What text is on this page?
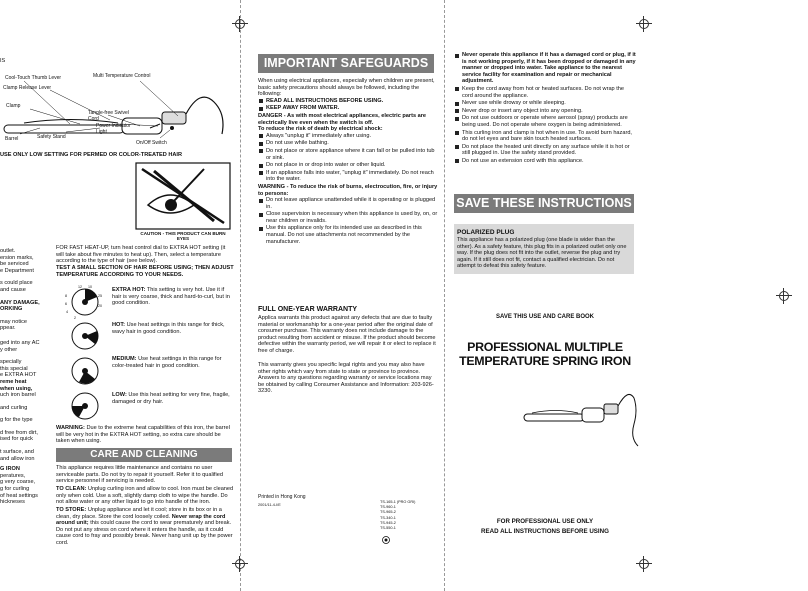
IS
Cool-Touch Thumb Lever	Multi Temperature Control
Clamp Release Lever
Clamp
Tangle-free Swivel Cord
Power Indicator Light
On/Off Switch
Barrel	Safety Stand
USE ONLY LOW SETTING FOR PERMED OR COLOR-TREATED HAIR
CAUTION - THIS PRODUCT CAN BURN EYES
outlet.
ersion marks,
be serviced
e Department
s could place
and cause
ANY DAMAGE,
ORKING
may notice
ppear.
ged into any AC
y other
specially
this special
e EXTRA HOT
reme heat
when using,
uch iron barrel
and curling
g for the type
d free from dirt,
ised for quick
t surface, and
and allow iron
G IRON
peratures,
g very coarse,
g for curling
of heat settings
hickneses
FOR FAST HEAT-UP, turn heat control dial to EXTRA HOT setting (it will take about five minutes to heat up). Then, select a temperature according to the type of hair (see below).
TEST A SMALL SECTION OF HAIR BEFORE USING; THEN ADJUST TEMPERATURE ACCORDING TO YOUR NEEDS.
12 10
8
6
4
2
25
20
EXTRA HOT: This setting is very hot. Use it if hair is very coarse, thick and hard-to-curl, but in good condition.
HOT: Use heat settings in this range for thick, wavy hair in good condition.
MEDIUM: Use heat settings in this range for color-treated hair in good condition.
LOW: Use this heat setting for very fine, fragile, damaged or dry hair.
WARNING: Due to the extreme heat capabilities of this iron, the barrel will be very hot in the EXTRA HOT setting, so extra care should be taken when using.
CARE AND CLEANING
This appliance requires little maintenance and contains no user serviceable parts. Do not try to repair it yourself. Refer it to qualified service personnel if servicing is needed.
TO CLEAN: Unplug curling iron and allow to cool. Iron must be cleaned only when cold. Use a soft, slightly damp cloth to wipe the handle. Do not allow water or any other liquid to go into handle of the iron.
TO STORE: Unplug appliance and let it cool; store in its box or in a clean, dry place. Store the cord loosely coiled. Never wrap the cord around unit; this could cause the cord to wear prematurely and break. Do not put any stress on cord where it enters the handle, as it could cause cord to fray and possibly break. Never hang unit up by the power cord.
IMPORTANT SAFEGUARDS
When using electrical appliances, especially when children are present, basic safety precautions should always be followed, including the following:
READ ALL INSTRUCTIONS BEFORE USING.
KEEP AWAY FROM WATER.
DANGER - As with most electrical appliances, electric parts are electrically live even when the switch is off.
To reduce the risk of death by electrical shock:
Always "unplug it" immediately after using.
Do not use while bathing.
Do not place or store appliance where it can fall or be pulled into tub or sink.
Do not place in or drop into water or other liquid.
If an appliance falls into water, "unplug it" immediately. Do not reach into the water.
WARNING - To reduce the risk of burns, electrocution, fire, or injury to persons:
Do not leave appliance unattended while it is operating or is plugged in.
Close supervision is necessary when this appliance is used by, on, or near children or invalids.
Use this appliance only for its intended use as described in this manual. Do not use attachments not recommended by the manufacturer.
FULL ONE-YEAR WARRANTY
Applica warrants this product against any defects that are due to faulty material or workmanship for a one-year period after the original date of consumer purchase. This warranty does not include damage to the product resulting from accident or misuse. If the product should become defective within the warranty period, we will repair it or elect to replace it free of charge.
This warranty gives you specific legal rights and you may also have other rights which vary from state to state or province to province. Answers to any questions regarding warranty or service locations may be obtained by calling Consumer Assistance and Information: 203-926-3230.
Printed in Hong Kong
2001/11-4-I/E
TS-165-1 (PRO GRI)
TS-960-1
TS-965-2
TS-340-1
TS-945-2
TS-550-1
Never operate this appliance if it has a damaged cord or plug, if it is not working properly, if it has been dropped or damaged in any manner or dropped into water. Take appliance to the nearest service facility for examination and repair or mechanical adjustment.
Keep the cord away from hot or heated surfaces. Do not wrap the cord around the appliance.
Never use while drowsy or while sleeping.
Never drop or insert any object into any opening.
Do not use outdoors or operate where aerosol (spray) products are being used. Do not operate where oxygen is being administered.
This curling iron and clamp is hot when in use. To avoid burn hazard, do not let eyes and bare skin touch heated surfaces.
Do not place the heated unit directly on any surface while it is hot or still plugged in. Use the safety stand provided.
Do not use an extension cord with this appliance.
SAVE THESE INSTRUCTIONS
POLARIZED PLUG
This appliance has a polarized plug (one blade is wider than the other). As a safety feature, this plug fits in a polarized outlet only one way. If the plug does not fit into the outlet, reverse the plug and try again. If it still does not fit, contact a qualified electrician. Do not attempt to defeat this safety feature.
SAVE THIS USE AND CARE BOOK
PROFESSIONAL MULTIPLE
TEMPERATURE SPRING IRON
FOR PROFESSIONAL USE ONLY
READ ALL INSTRUCTIONS BEFORE USING
